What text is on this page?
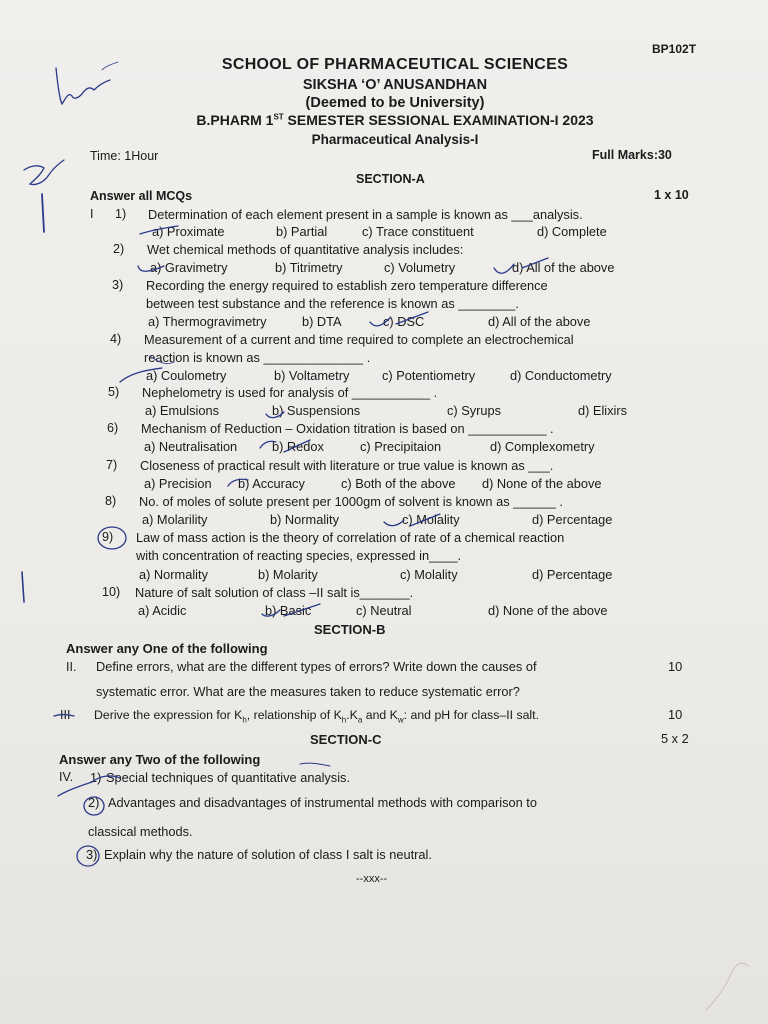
BP102T
SCHOOL OF PHARMACEUTICAL SCIENCES
SIKSHA ‘O’ ANUSANDHAN
(Deemed to be University)
B.PHARM 1ST SEMESTER SESSIONAL EXAMINATION-I 2023
Pharmaceutical Analysis-I
Time: 1Hour	Full Marks:30
SECTION-A
Answer all MCQs	1 x 10
I 1) Determination of each element present in a sample is known as ___analysis.
a) Proximate	b) Partial	c) Trace constituent	d) Complete
2) Wet chemical methods of quantitative analysis includes:
a) Gravimetry	b) Titrimetry	c) Volumetry	d) All of the above
3) Recording the energy required to establish zero temperature difference
between test substance and the reference is known as ________.
a) Thermogravimetry	b) DTA	c) DSC	d) All of the above
4) Measurement of a current and time required to complete an electrochemical
reaction is known as ______________ .
a) Coulometry	b) Voltametry	c) Potentiometry	d) Conductometry
5) Nephelometry is used for analysis of ___________ .
a) Emulsions	b) Suspensions	c) Syrups	d) Elixirs
6) Mechanism of Reduction – Oxidation titration is based on ___________ .
a) Neutralisation	b) Redox	c) Precipitaion	d) Complexometry
7) Closeness of practical result with literature or true value is known as ___.
a) Precision b) Accuracy	c) Both of the above d) None of the above
8) No. of moles of solute present per 1000gm of solvent is known as ______ .
a) Molarility	b) Normality	c) Molality	d) Percentage
9) Law of mass action is the theory of correlation of rate of a chemical reaction
with concentration of reacting species, expressed in____.
a) Normality	b) Molarity	c) Molality	d) Percentage
10) Nature of salt solution of class –II salt is_______.
a) Acidic	b) Basic	c) Neutral	d) None of the above
SECTION-B
Answer any One of the following
II. Define errors, what are the different types of errors? Write down the causes of	10
systematic error. What are the measures taken to reduce systematic error?
III Derive the expression for $K_h$, relationship of $K_h.K_a$ and $K_w$: and pH for class–II salt.	10
SECTION-C	5 x 2
Answer any Two of the following
IV. 1) Special techniques of quantitative analysis.
2) Advantages and disadvantages of instrumental methods with comparison to
classical methods.
3) Explain why the nature of solution of class I salt is neutral.
--xxx--
